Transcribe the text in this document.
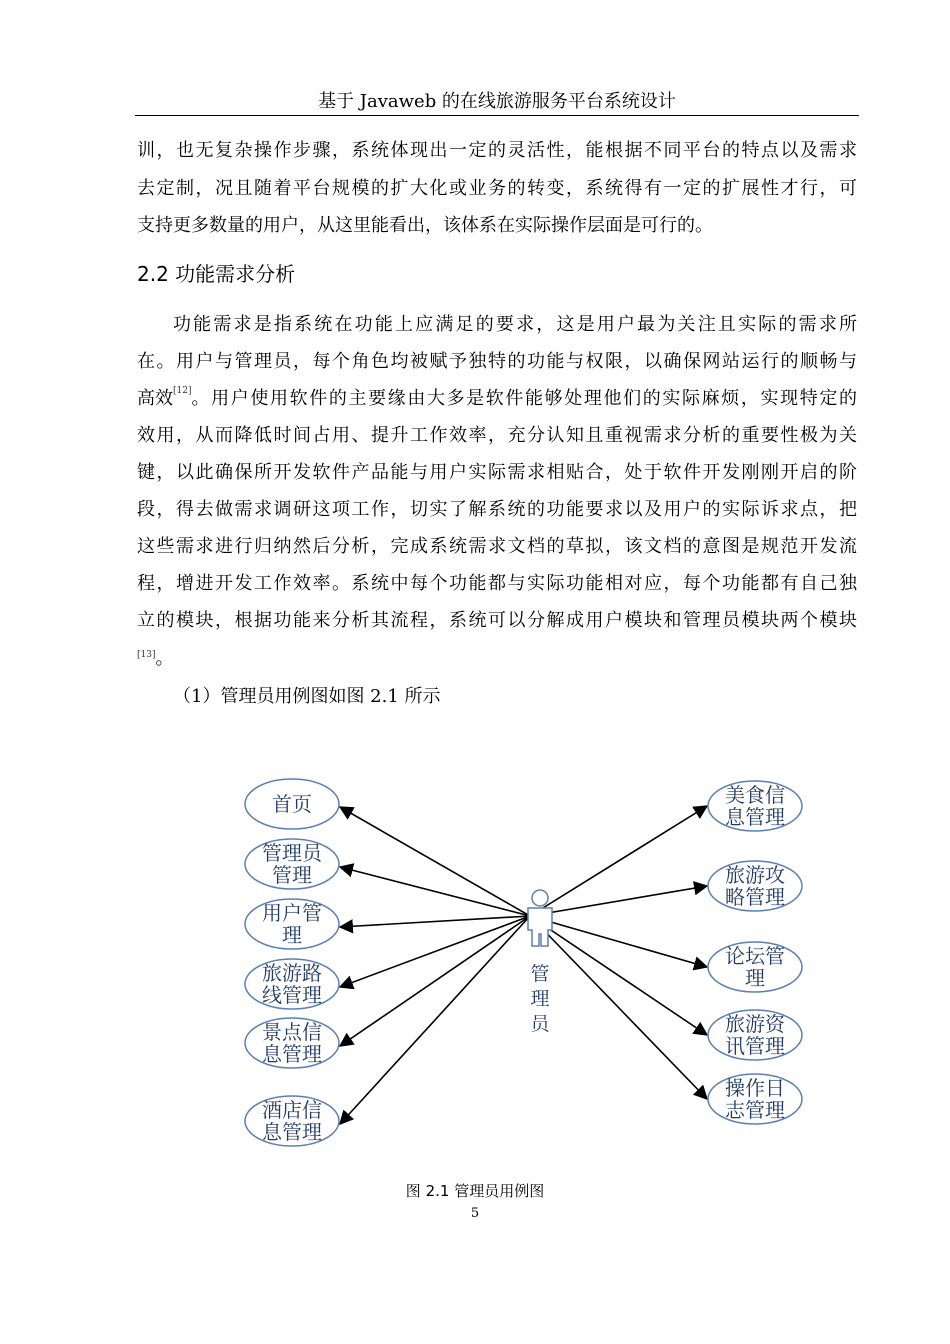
基于 Javaweb 的在线旅游服务平台系统设计
训，也无复杂操作步骤，系统体现出一定的灵活性，能根据不同平台的特点以及需求
去定制，况且随着平台规模的扩大化或业务的转变，系统得有一定的扩展性才行，可
支持更多数量的用户，从这里能看出，该体系在实际操作层面是可行的。
2.2 功能需求分析
功能需求是指系统在功能上应满足的要求，这是用户最为关注且实际的需求所
在。用户与管理员，每个角色均被赋予独特的功能与权限，以确保网站运行的顺畅与
高效 [12] 。用户使用软件的主要缘由大多是软件能够处理他们的实际麻烦，实现特定的
效用，从而降低时间占用、提升工作效率，充分认知且重视需求分析的重要性极为关
键，以此确保所开发软件产品能与用户实际需求相贴合，处于软件开发刚刚开启的阶
段，得去做需求调研这项工作，切实了解系统的功能要求以及用户的实际诉求点，把
这些需求进行归纳然后分析，完成系统需求文档的草拟，该文档的意图是规范开发流
程，增进开发工作效率。系统中每个功能都与实际功能相对应，每个功能都有自己独
立的模块，根据功能来分析其流程，系统可以分解成用户模块和管理员模块两个模块
[13]。
（1）管理员用例图如图 2.1 所示
首页
管理员
管理
用户管
理
旅游路
线管理
景点信
息管理
酒店信
息管理
美食信
息管理
旅游攻
略管理
论坛管
理
旅游资
讯管理
操作日
志管理
管
理
员
图 2.1 管理员用例图
5
